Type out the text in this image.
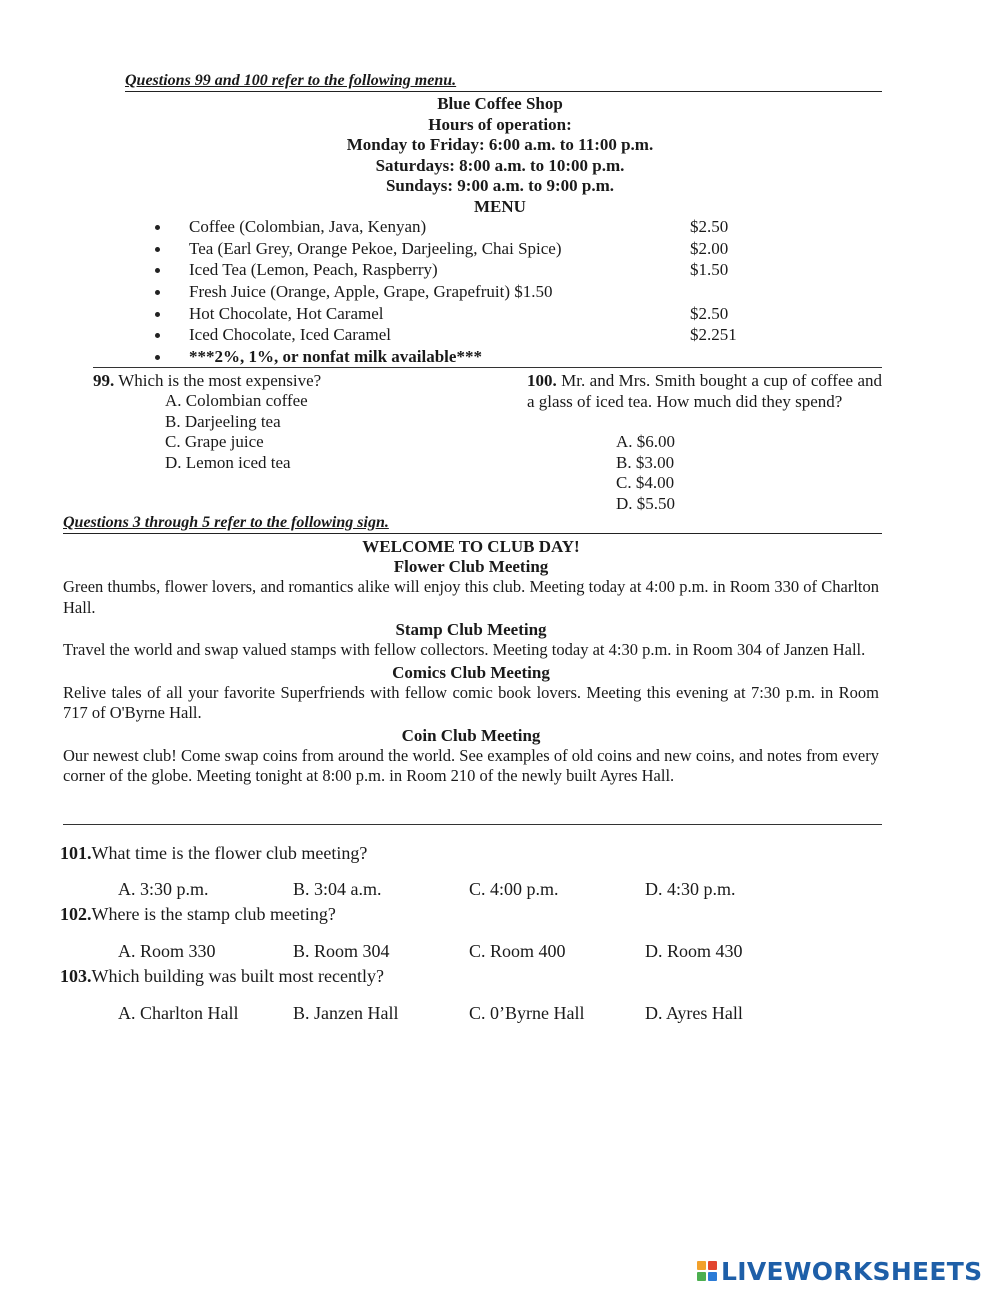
Questions 99 and 100 refer to the following menu.
Blue Coffee Shop
Hours of operation:
Monday to Friday: 6:00 a.m. to 11:00 p.m.
Saturdays: 8:00 a.m. to 10:00 p.m.
Sundays: 9:00 a.m. to 9:00 p.m.
MENU
Coffee (Colombian, Java, Kenyan)	$2.50
Tea (Earl Grey, Orange Pekoe, Darjeeling, Chai Spice)	$2.00
Iced Tea (Lemon, Peach, Raspberry)	$1.50
Fresh Juice (Orange, Apple, Grape, Grapefruit) $1.50
Hot Chocolate, Hot Caramel	$2.50
Iced Chocolate, Iced Caramel	$2.251
***2%, 1%, or nonfat milk available***
99. Which is the most expensive?
A. Colombian coffee
B. Darjeeling tea
C. Grape juice
D. Lemon iced tea
100. Mr. and Mrs. Smith bought a cup of coffee and a glass of iced tea. How much did they spend?
A. $6.00
B. $3.00
C. $4.00
D. $5.50
Questions 3 through 5 refer to the following sign.
WELCOME TO CLUB DAY!
Flower Club Meeting
Green thumbs, flower lovers, and romantics alike will enjoy this club. Meeting today at 4:00 p.m. in Room 330 of Charlton Hall.
Stamp Club Meeting
Travel the world and swap valued stamps with fellow collectors. Meeting today at 4:30 p.m. in Room 304 of Janzen Hall.
Comics Club Meeting
Relive tales of all your favorite Superfriends with fellow comic book lovers. Meeting this evening at 7:30 p.m. in Room 717 of O'Byrne Hall.
Coin Club Meeting
Our newest club! Come swap coins from around the world. See examples of old coins and new coins, and notes from every corner of the globe. Meeting tonight at 8:00 p.m. in Room 210 of the newly built Ayres Hall.
101.What time is the flower club meeting?
A. 3:30 p.m.	B. 3:04 a.m.	C. 4:00 p.m.	D. 4:30 p.m.
102.Where is the stamp club meeting?
A. Room 330	B. Room 304	C. Room 400	D. Room 430
103.Which building was built most recently?
A. Charlton Hall	B. Janzen Hall	C. 0’Byrne Hall	D. Ayres Hall
LIVEWORKSHEETS
